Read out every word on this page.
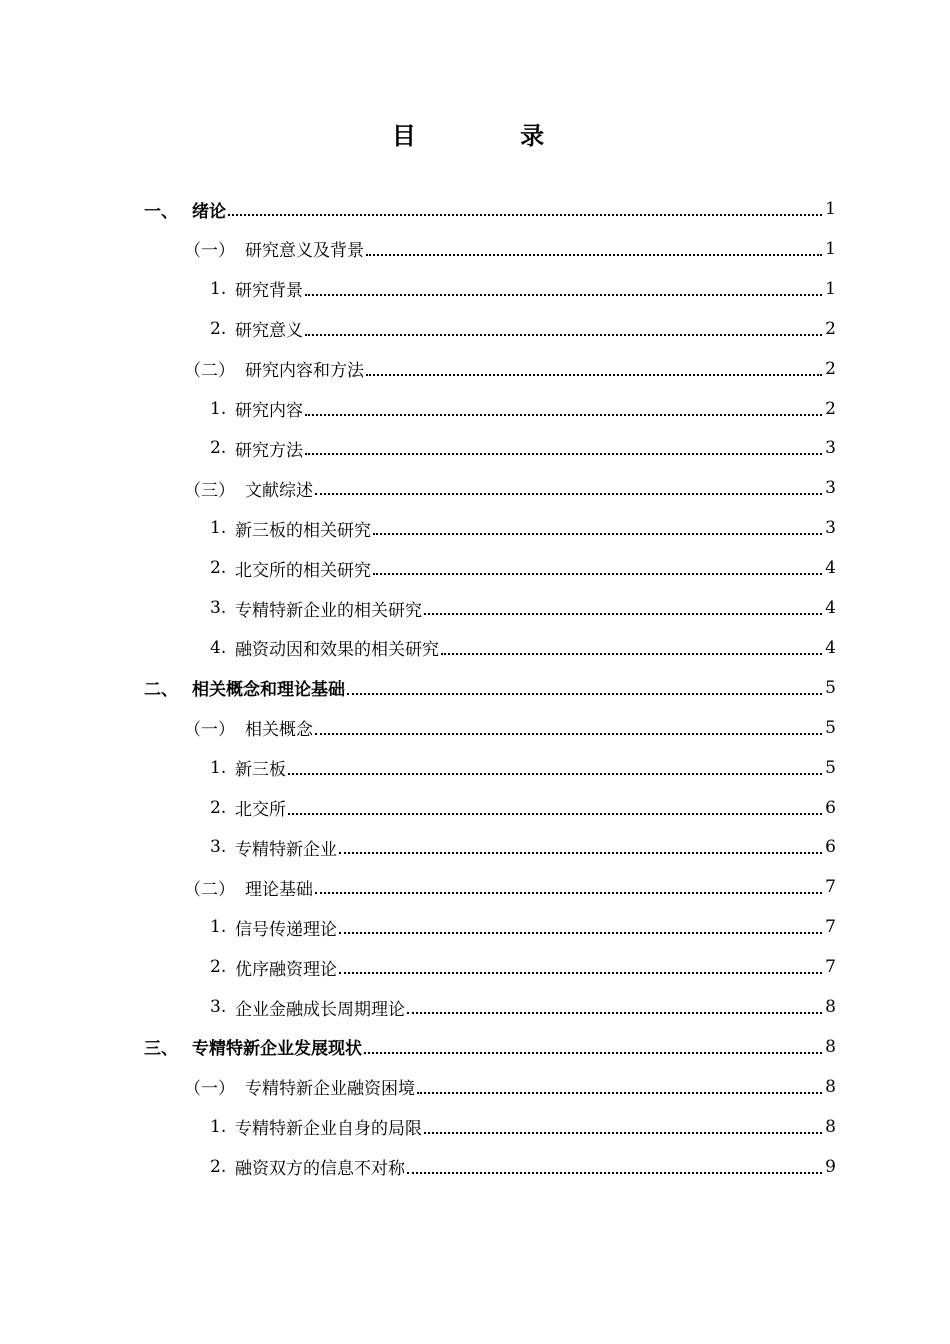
目 录
一、 绪论	1
（一） 研究意义及背景	1
1. 研究背景	1
2. 研究意义	2
（二） 研究内容和方法	2
1. 研究内容	2
2. 研究方法	3
（三） 文献综述	3
1. 新三板的相关研究	3
2. 北交所的相关研究	4
3. 专精特新企业的相关研究	4
4. 融资动因和效果的相关研究	4
二、 相关概念和理论基础	5
（一） 相关概念	5
1. 新三板	5
2. 北交所	6
3. 专精特新企业	6
（二） 理论基础	7
1. 信号传递理论	7
2. 优序融资理论	7
3. 企业金融成长周期理论	8
三、 专精特新企业发展现状	8
（一） 专精特新企业融资困境	8
1. 专精特新企业自身的局限	8
2. 融资双方的信息不对称	9
